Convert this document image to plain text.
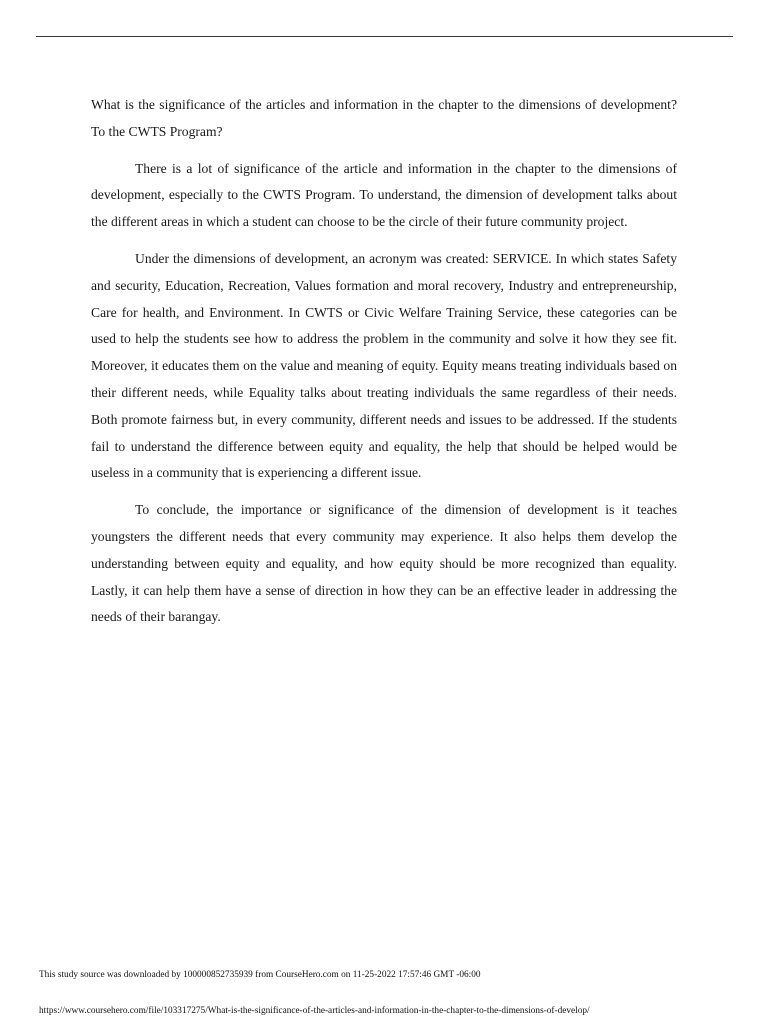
What is the significance of the articles and information in the chapter to the dimensions of development? To the CWTS Program?

There is a lot of significance of the article and information in the chapter to the dimensions of development, especially to the CWTS Program. To understand, the dimension of development talks about the different areas in which a student can choose to be the circle of their future community project.

Under the dimensions of development, an acronym was created: SERVICE. In which states Safety and security, Education, Recreation, Values formation and moral recovery, Industry and entrepreneurship, Care for health, and Environment. In CWTS or Civic Welfare Training Service, these categories can be used to help the students see how to address the problem in the community and solve it how they see fit. Moreover, it educates them on the value and meaning of equity. Equity means treating individuals based on their different needs, while Equality talks about treating individuals the same regardless of their needs. Both promote fairness but, in every community, different needs and issues to be addressed. If the students fail to understand the difference between equity and equality, the help that should be helped would be useless in a community that is experiencing a different issue.

To conclude, the importance or significance of the dimension of development is it teaches youngsters the different needs that every community may experience. It also helps them develop the understanding between equity and equality, and how equity should be more recognized than equality. Lastly, it can help them have a sense of direction in how they can be an effective leader in addressing the needs of their barangay.

This study source was downloaded by 100000852735939 from CourseHero.com on 11-25-2022 17:57:46 GMT -06:00
https://www.coursehero.com/file/103317275/What-is-the-significance-of-the-articles-and-information-in-the-chapter-to-the-dimensions-of-develop/
